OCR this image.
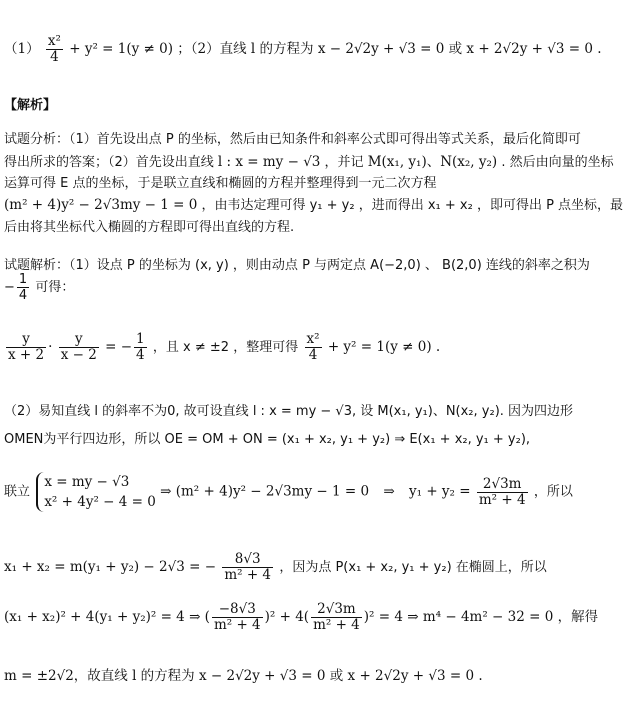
$(1) \frac{\text{x²}}{4} + y^2 = 1(y \ne 0)$ ；（2）直线 l 的方程为 x − 2√2y + √3 = 0 或 x + 2√2y + √3 = 0 .
【解析】
试题分析：（1）首先设出点 P 的坐标，然后由已知条件和斜率公式即可得出等式关系，最后化简即可
得出所求的答案；（2）首先设出直线 l : x = my − √3 ，并记 M(x₁, y₁)、N(x₂, y₂) . 然后由向量的坐标
运算可得 E 点的坐标，于是联立直线和椭圆的方程并整理得到一元二次方程
(m² + 4)y² − 2√3my − 1 = 0 ，由韦达定理可得 y₁ + y₂ ，进而得出 x₁ + x₂ ，即可得出 P 点坐标，最
后由将其坐标代入椭圆的方程即可得出直线的方程.
试题解析：（1）设点 P 的坐标为 (x, y) ，则由动点 P 与两定点 A(−2,0) 、 B(2,0) 连线的斜率之积为
− $\frac{1}{4}$ 可得：
$\frac{y}{x + 2} \cdot \frac{y}{x - 2}$ = − $\frac{1}{4}$ ，且 x ≠ ±2 ，整理可得 $\frac{\text{x²}}{4} + y^2 = 1(y \ne 0)$ .
（2）易知直线 l 的斜率不为0, 故可设直线 l : x = my − √3, 设 M(x₁, y₁)、N(x₂, y₂). 因为四边形
OMEN为平行四边形，所以 OE = OM + ON = (x₁ + x₂, y₁ + y₂) ⇒ E(x₁ + x₂, y₁ + y₂),
联立
x = my − √3
x² + 4y² − 4 = 0
⇒ (m² + 4)y² − 2√3my − 1 = 0 ⇒ $y_1 + y_2 = \frac{2√3m}{\text{m² + 4}}$ ，所以
x₁ + x₂ = m(y₁ + y₂) − 2√3 = − $\frac{8√3}{\text{m² + 4}}$ ，因为点 P(x₁ + x₂, y₁ + y₂) 在椭圆上，所以
(x₁ + x₂)² + 4(y₁ + y₂)² = 4 ⇒ ( $\frac{-8√3}{\text{m² + 4}} )^2 + 4( \frac{2√3m}{\text{m² + 4}} )^2 = 4$ ⇒ m⁴ − 4m² − 32 = 0 ，解得
m = ±2√2，故直线 l 的方程为 x − 2√2y + √3 = 0 或 x + 2√2y + √3 = 0 .
